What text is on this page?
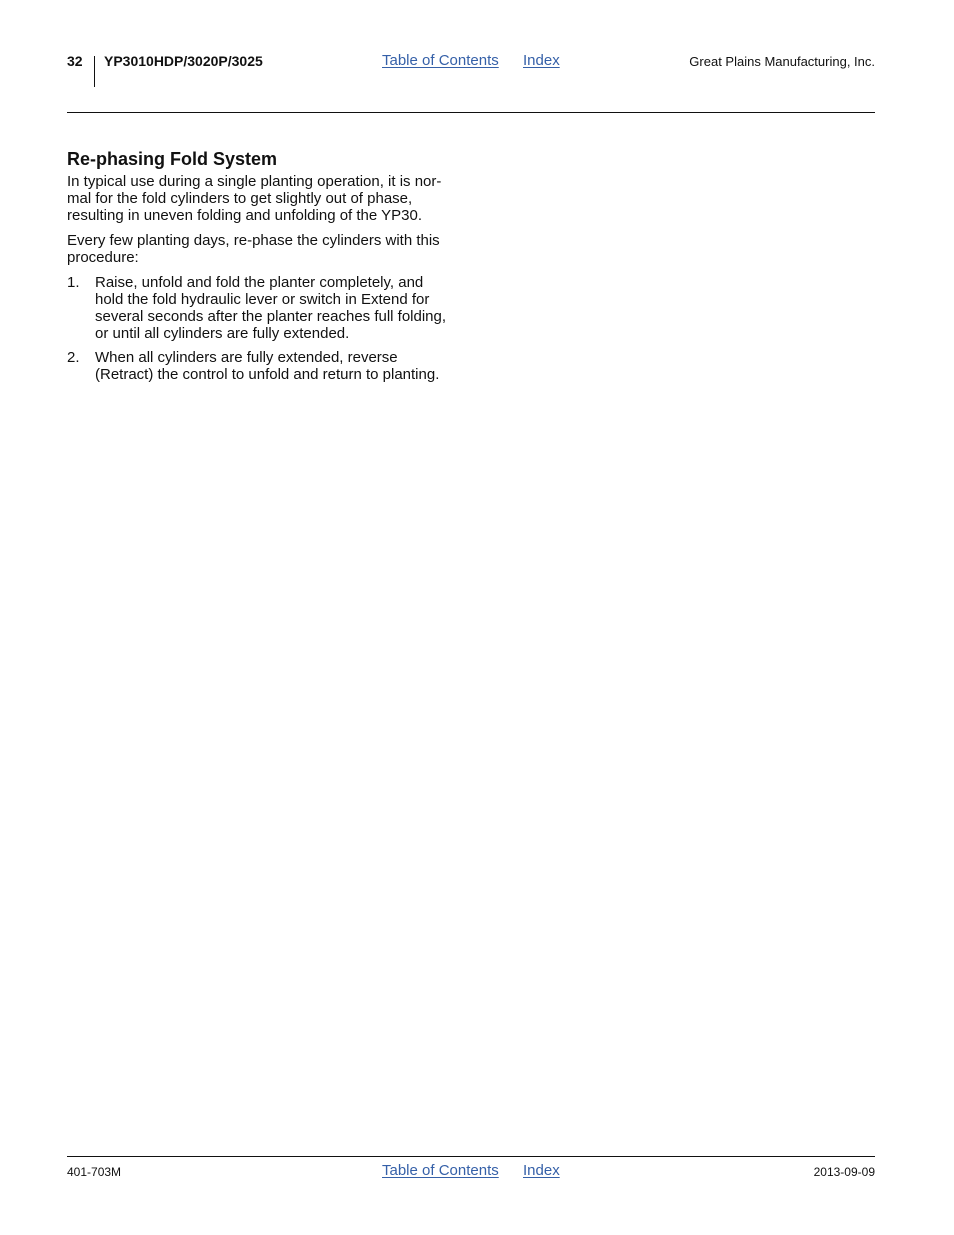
32 YP3010HDP/3020P/3025	Table of Contents Index	Great Plains Manufacturing, Inc.
Re-phasing Fold System

In typical use during a single planting operation, it is nor-
mal for the fold cylinders to get slightly out of phase,
resulting in uneven folding and unfolding of the YP30.

Every few planting days, re-phase the cylinders with this
procedure:

1. Raise, unfold and fold the planter completely, and
hold the fold hydraulic lever or switch in Extend for
several seconds after the planter reaches full folding,
or until all cylinders are fully extended.
2. When all cylinders are fully extended, reverse
(Retract) the control to unfold and return to planting.
401-703M	Table of Contents Index	2013-09-09
